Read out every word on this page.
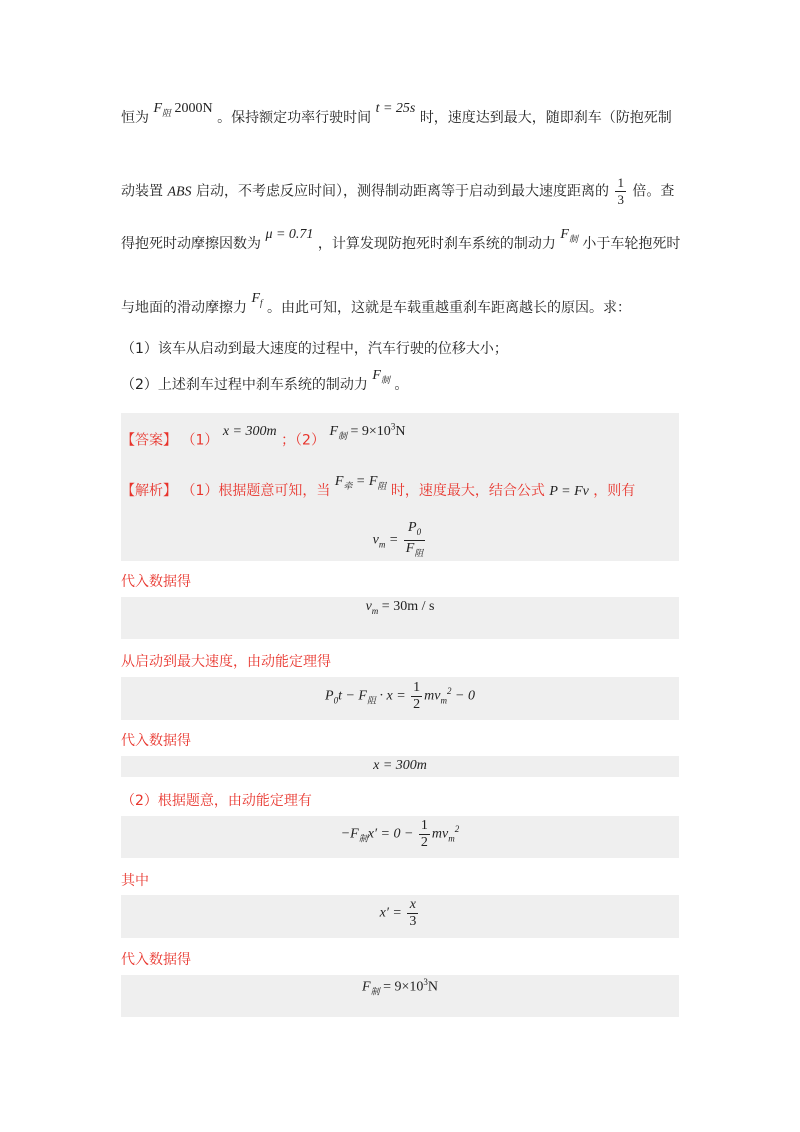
恒为 $F_阻$ 2000N 。保持额定功率行驶时间 t = 25s 时，速度达到最大，随即刹车（防抱死制
动装置 ABS 启动，不考虑反应时间），测得制动距离等于启动到最大速度距离的 $\frac{1}{3}$ 倍。查
得抱死时动摩擦因数为 μ = 0.71 ，计算发现防抱死时刹车系统的制动力 $F_制$ 小于车轮抱死时
与地面的滑动摩擦力 $F_f$ 。由此可知，这就是车载重越重刹车距离越长的原因。求：
（1）该车从启动到最大速度的过程中，汽车行驶的位移大小；
（2）上述刹车过程中刹车系统的制动力 $F_制$ 。
【答案】 （1） x = 300m ；（2） $F_制 = 9\times 10^3N$
【解析】 （1）根据题意可知，当 $F_牵 = F_阻$ 时，速度最大，结合公式 P = Fv ，则有
$v_m = \frac{P_0}{F_阻}$
代入数据得
$v_m = 30m / s$
从启动到最大速度，由动能定理得
$P_0t - F_阻 \cdot x = \frac{1}{2} mv_m^2 - 0$
代入数据得
x = 300m
（2）根据题意，由动能定理有
$-F_制x' = 0 - \frac{1}{2} mv_m^2$
其中
$x' = \frac{x}{3}$
代入数据得
$F_制 = 9\times 10^3N$
